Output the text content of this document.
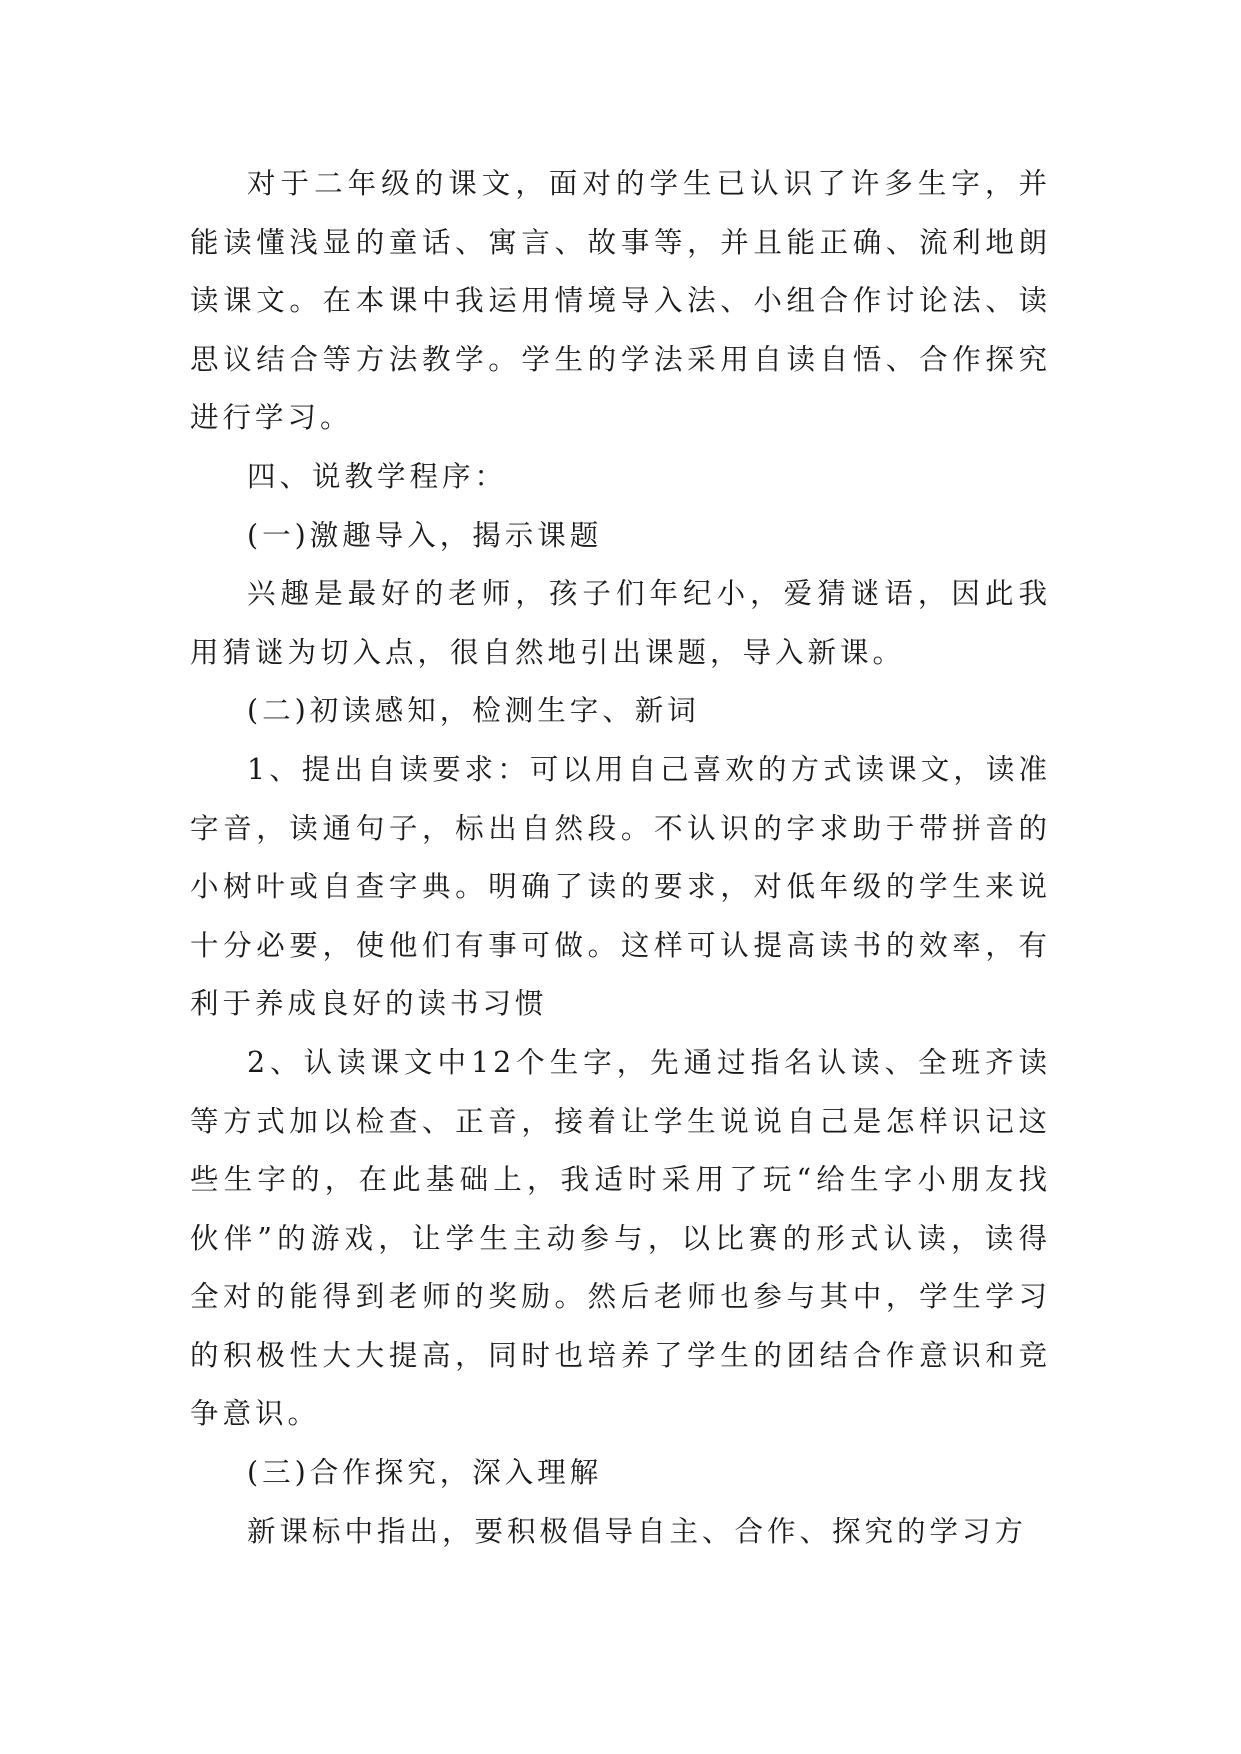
对于二年级的课文，面对的学生已认识了许多生字，并能读懂浅显的童话、寓言、故事等，并且能正确、流利地朗读课文。在本课中我运用情境导入法、小组合作讨论法、读思议结合等方法教学。学生的学法采用自读自悟、合作探究进行学习。

四、说教学程序：

(一)激趣导入，揭示课题

兴趣是最好的老师，孩子们年纪小，爱猜谜语，因此我用猜谜为切入点，很自然地引出课题，导入新课。

(二)初读感知，检测生字、新词

1、提出自读要求：可以用自己喜欢的方式读课文，读准字音，读通句子，标出自然段。不认识的字求助于带拼音的小树叶或自查字典。明确了读的要求，对低年级的学生来说十分必要，使他们有事可做。这样可认提高读书的效率，有利于养成良好的读书习惯

2、认读课文中12个生字，先通过指名认读、全班齐读等方式加以检查、正音，接着让学生说说自己是怎样识记这些生字的，在此基础上，我适时采用了玩“给生字小朋友找伙伴”的游戏，让学生主动参与，以比赛的形式认读，读得全对的能得到老师的奖励。然后老师也参与其中，学生学习的积极性大大提高，同时也培养了学生的团结合作意识和竞争意识。

(三)合作探究，深入理解

新课标中指出，要积极倡导自主、合作、探究的学习方
